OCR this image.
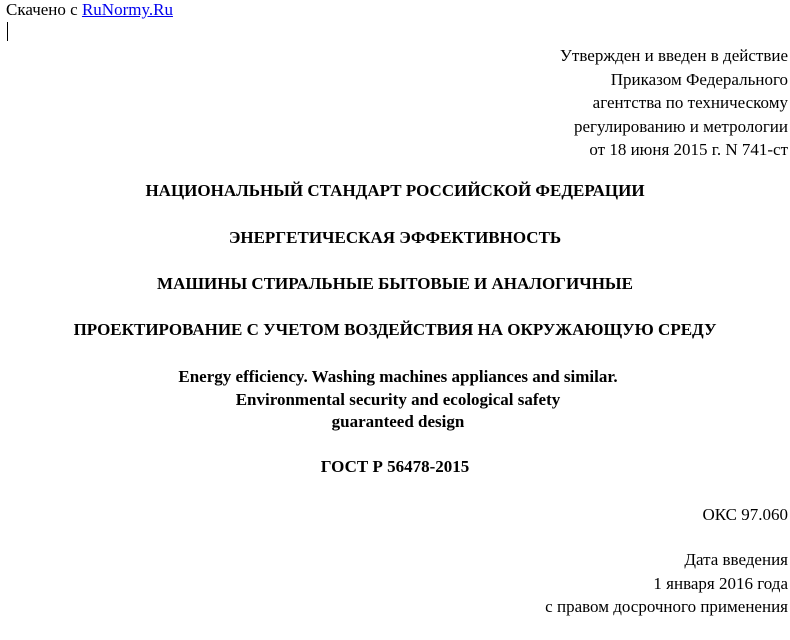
Скачено с RuNormy.Ru
Утвержден и введен в действие
Приказом Федерального
агентства по техническому
регулированию и метрологии
от 18 июня 2015 г. N 741-ст
НАЦИОНАЛЬНЫЙ СТАНДАРТ РОССИЙСКОЙ ФЕДЕРАЦИИ
ЭНЕРГЕТИЧЕСКАЯ ЭФФЕКТИВНОСТЬ
МАШИНЫ СТИРАЛЬНЫЕ БЫТОВЫЕ И АНАЛОГИЧНЫЕ
ПРОЕКТИРОВАНИЕ С УЧЕТОМ ВОЗДЕЙСТВИЯ НА ОКРУЖАЮЩУЮ СРЕДУ
Energy efficiency. Washing machines appliances and similar.
Environmental security and ecological safety
guaranteed design
ГОСТ Р 56478-2015
ОКС 97.060
Дата введения
1 января 2016 года
с правом досрочного применения
